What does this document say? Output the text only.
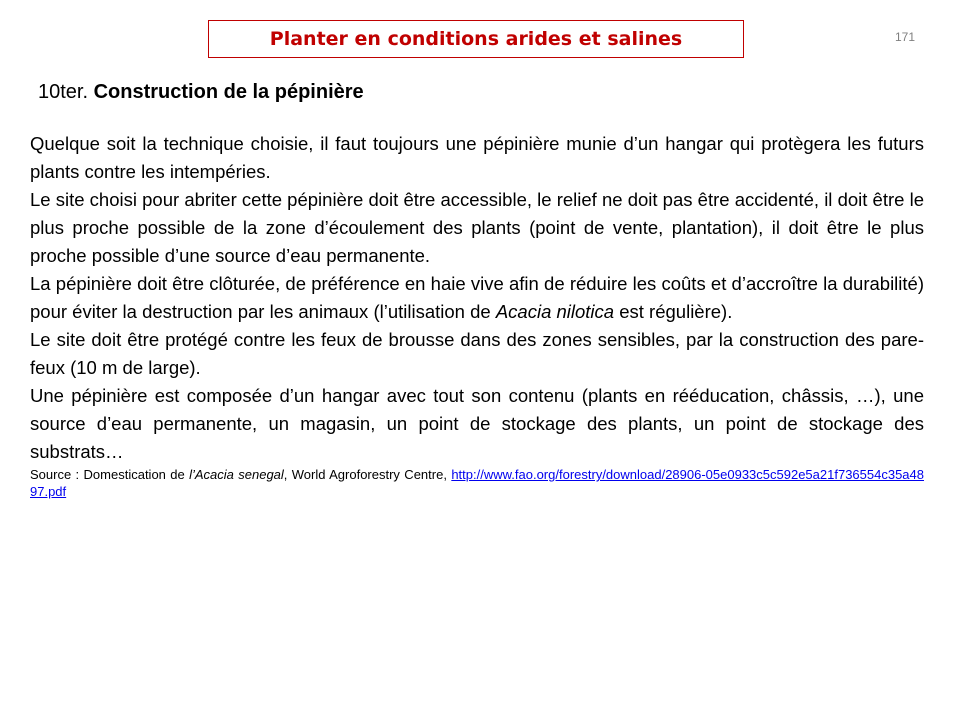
Planter en conditions arides et salines	171
10ter. Construction de la pépinière

Quelque soit la technique choisie, il faut toujours une pépinière munie d’un hangar qui protègera les futurs plants contre les intempéries.

Le site choisi pour abriter cette pépinière doit être accessible, le relief ne doit pas être accidenté, il doit être le plus proche possible de la zone d’écoulement des plants (point de vente, plantation), il doit être le plus proche possible d’une source d’eau permanente.

La pépinière doit être clôturée, de préférence en haie vive afin de réduire les coûts et d’accroître la durabilité) pour éviter la destruction par les animaux (l’utilisation de Acacia nilotica est régulière).

Le site doit être protégé contre les feux de brousse dans des zones sensibles, par la construction des pare-feux (10 m de large).

Une pépinière est composée d’un hangar avec tout son contenu (plants en rééducation, châssis, …), une source d’eau permanente, un magasin, un point de stockage des plants, un point de stockage des substrats…

Source : Domestication de l’Acacia senegal, World Agroforestry Centre, http://www.fao.org/forestry/download/28906-05e0933c5c592e5a21f736554c35a4897.pdf
